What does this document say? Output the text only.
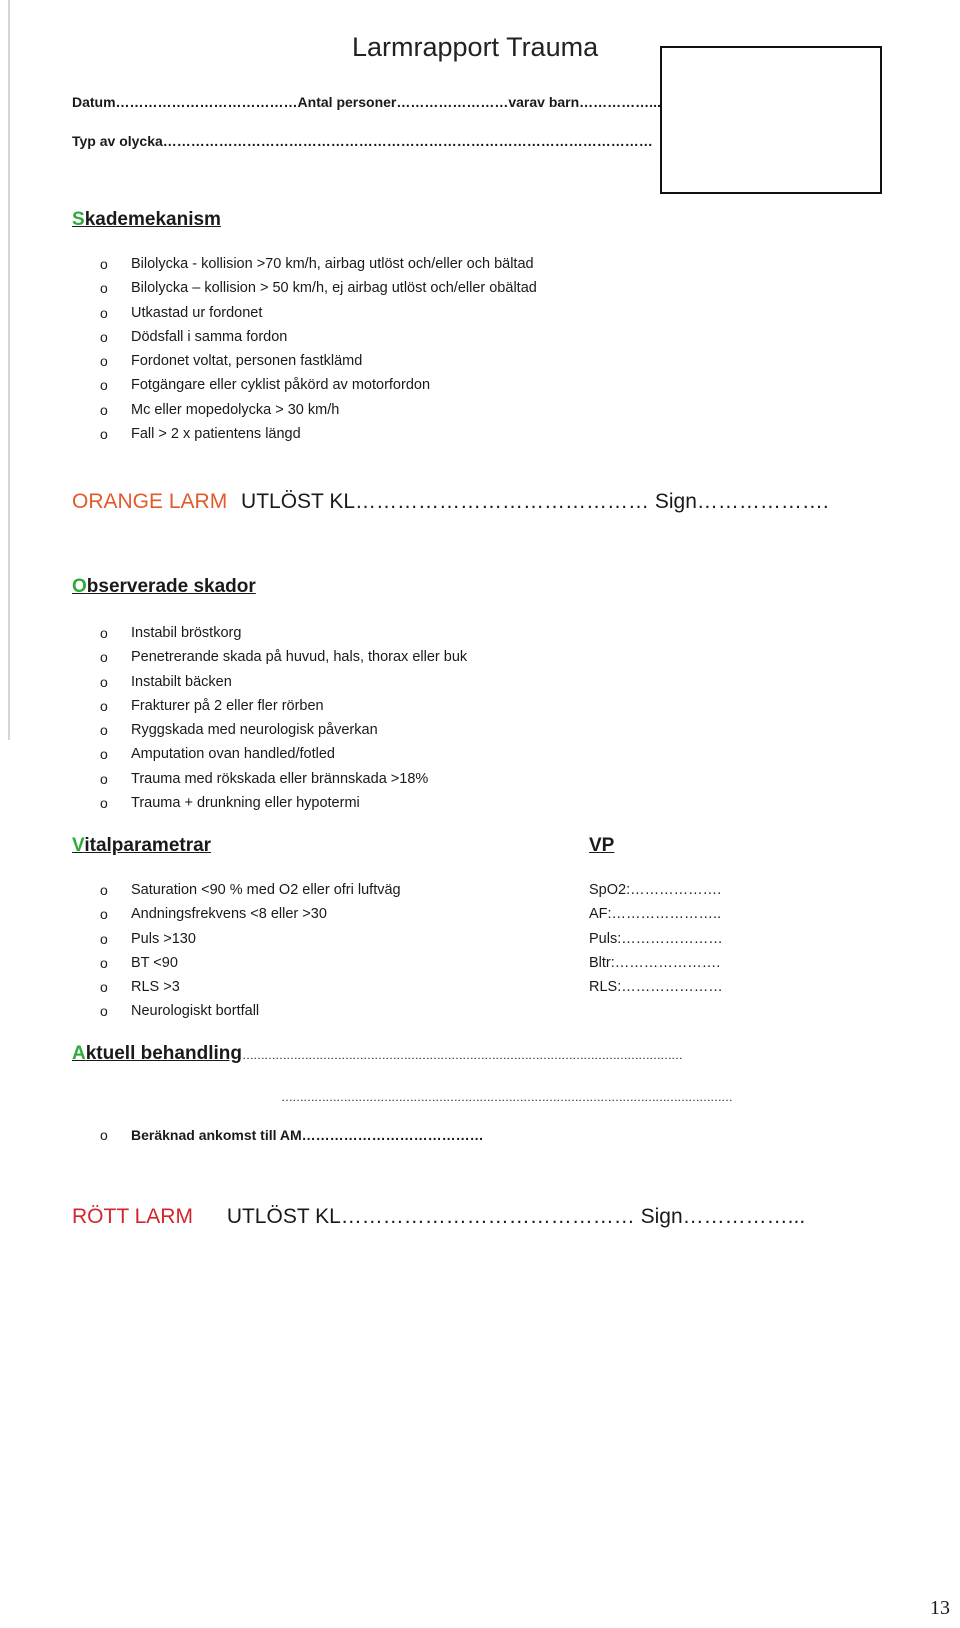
Larmrapport Trauma
Datum…………………………………Antal personer……………………varav barn……………...
Typ av olycka……………………………………………………………………………………………
Skademekanism
o Bilolycka - kollision >70 km/h, airbag utlöst och/eller och bältad
o Bilolycka – kollision > 50 km/h, ej airbag utlöst och/eller obältad
o Utkastad ur fordonet
o Dödsfall i samma fordon
o Fordonet voltat, personen fastklämd
o Fotgängare eller cyklist påkörd av motorfordon
o Mc eller mopedolycka > 30 km/h
o Fall > 2 x patientens längd
ORANGE LARM UTLÖST KL…………………………………… Sign……………….
Observerade skador
o Instabil bröstkorg
o Penetrerande skada på huvud, hals, thorax eller buk
o Instabilt bäcken
o Frakturer på 2 eller fler rörben
o Ryggskada med neurologisk påverkan
o Amputation ovan handled/fotled
o Trauma med rökskada eller brännskada >18%
o Trauma + drunkning eller hypotermi
Vitalparametrar	VP
o Saturation <90 % med O2 eller ofri luftväg
o Andningsfrekvens <8 eller >30
o Puls >130
o BT <90
o RLS >3
o Neurologiskt bortfall
SpO2:……………….
AF:…………………..
Puls:…………………
Bltr:………………….
RLS:…………………
Aktuell behandling…………………………………………………………………………………………………………
……………………………………………………………………………………………………………
o Beräknad ankomst till AM…………………………………
RÖTT LARM UTLÖST KL…………………………………… Sign……………...
13
